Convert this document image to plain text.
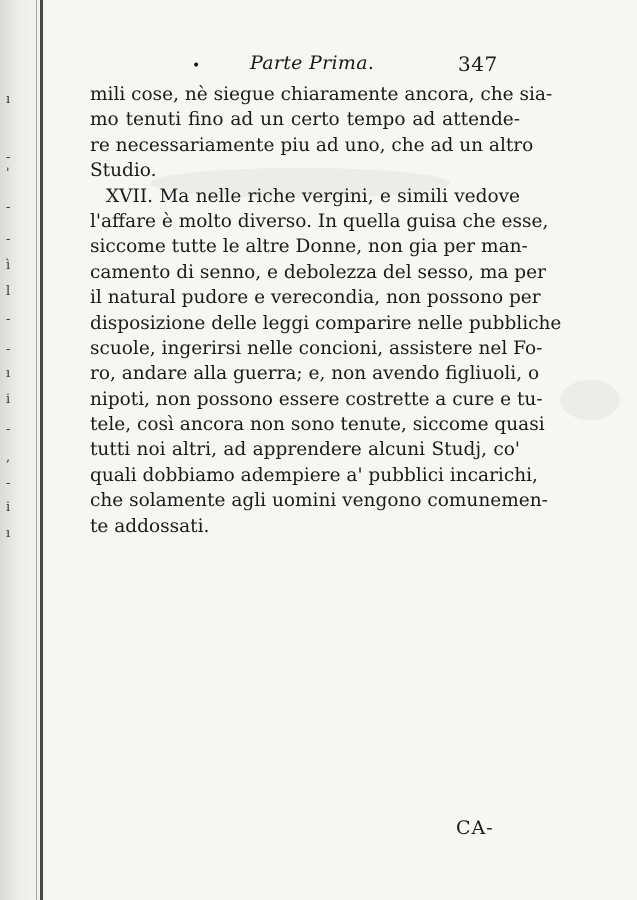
ı
-
'
-
-
ì
l
-
-
ı
i
-
,
-
i
ı
•	Parte Prima.	347
mili cose, nè siegue chiaramente ancora, che sia-
mo tenuti fino ad un certo tempo ad attende-
re necessariamente piu ad uno, che ad un altro
Studio.
XVII. Ma nelle riche vergini, e simili vedove
l'affare è molto diverso. In quella guisa che esse,
siccome tutte le altre Donne, non gia per man-
camento di senno, e debolezza del sesso, ma per
il natural pudore e verecondia, non possono per
disposizione delle leggi comparire nelle pubbliche
scuole, ingerirsi nelle concioni, assistere nel Fo-
ro, andare alla guerra; e, non avendo figliuoli, o
nipoti, non possono essere costrette a cure e tu-
tele, così ancora non sono tenute, siccome quasi
tutti noi altri, ad apprendere alcuni Studj, co'
quali dobbiamo adempiere a' pubblici incarichi,
che solamente agli uomini vengono comunemen-
te addossati.
CA-
